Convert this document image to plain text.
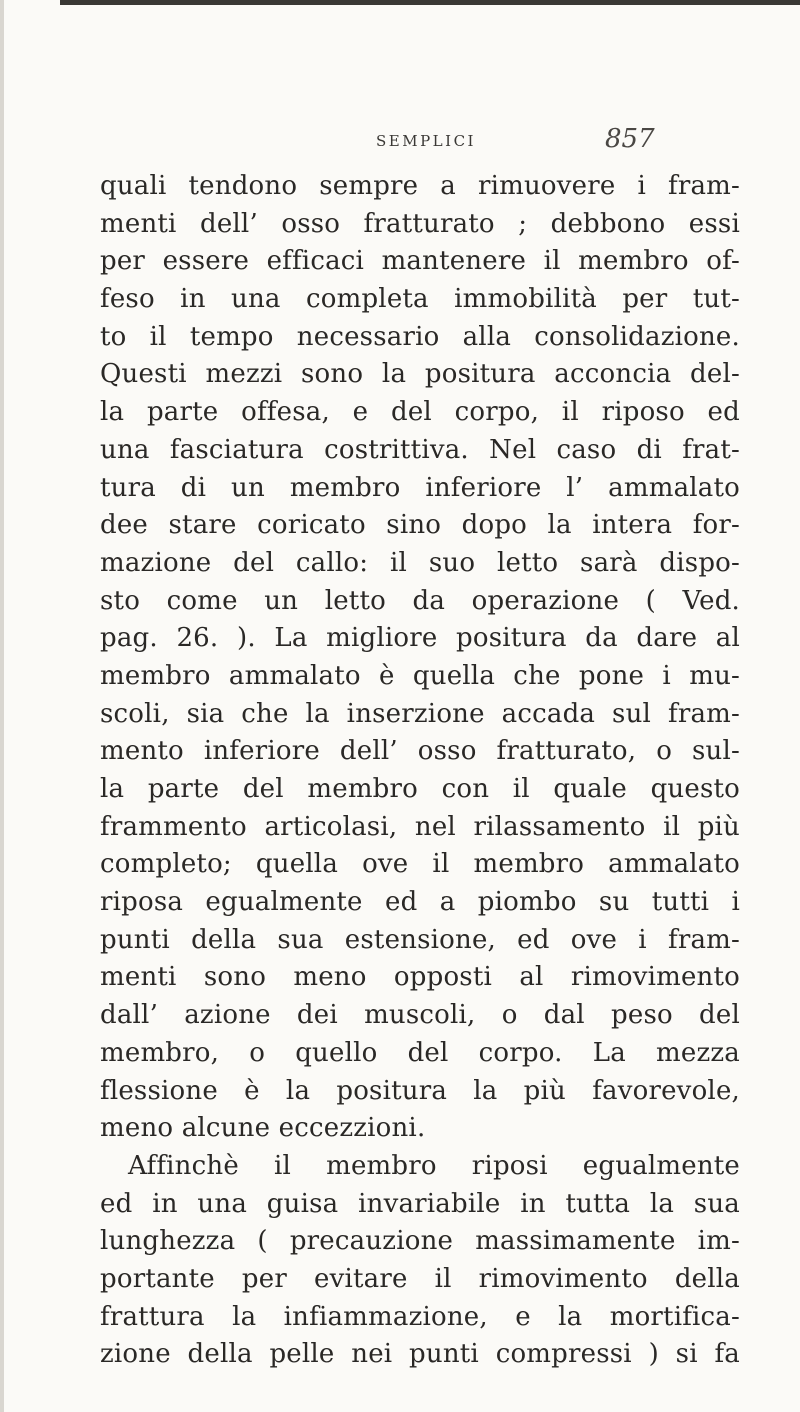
SEMPLICI	857
quali tendono sempre a rimuovere i fram-
menti dell’ osso fratturato ; debbono essi
per essere efficaci mantenere il membro of-
feso in una completa immobilità per tut-
to il tempo necessario alla consolidazione.
Questi mezzi sono la positura acconcia del-
la parte offesa, e del corpo, il riposo ed
una fasciatura costrittiva. Nel caso di frat-
tura di un membro inferiore l’ ammalato
dee stare coricato sino dopo la intera for-
mazione del callo: il suo letto sarà dispo-
sto come un letto da operazione ( Ved.
pag. 26. ). La migliore positura da dare al
membro ammalato è quella che pone i mu-
scoli, sia che la inserzione accada sul fram-
mento inferiore dell’ osso fratturato, o sul-
la parte del membro con il quale questo
frammento articolasi, nel rilassamento il più
completo; quella ove il membro ammalato
riposa egualmente ed a piombo su tutti i
punti della sua estensione, ed ove i fram-
menti sono meno opposti al rimovimento
dall’ azione dei muscoli, o dal peso del
membro, o quello del corpo. La mezza
flessione è la positura la più favorevole,
meno alcune eccezzioni.
Affinchè il membro riposi egualmente
ed in una guisa invariabile in tutta la sua
lunghezza ( precauzione massimamente im-
portante per evitare il rimovimento della
frattura la infiammazione, e la mortifica-
zione della pelle nei punti compressi ) si fa
